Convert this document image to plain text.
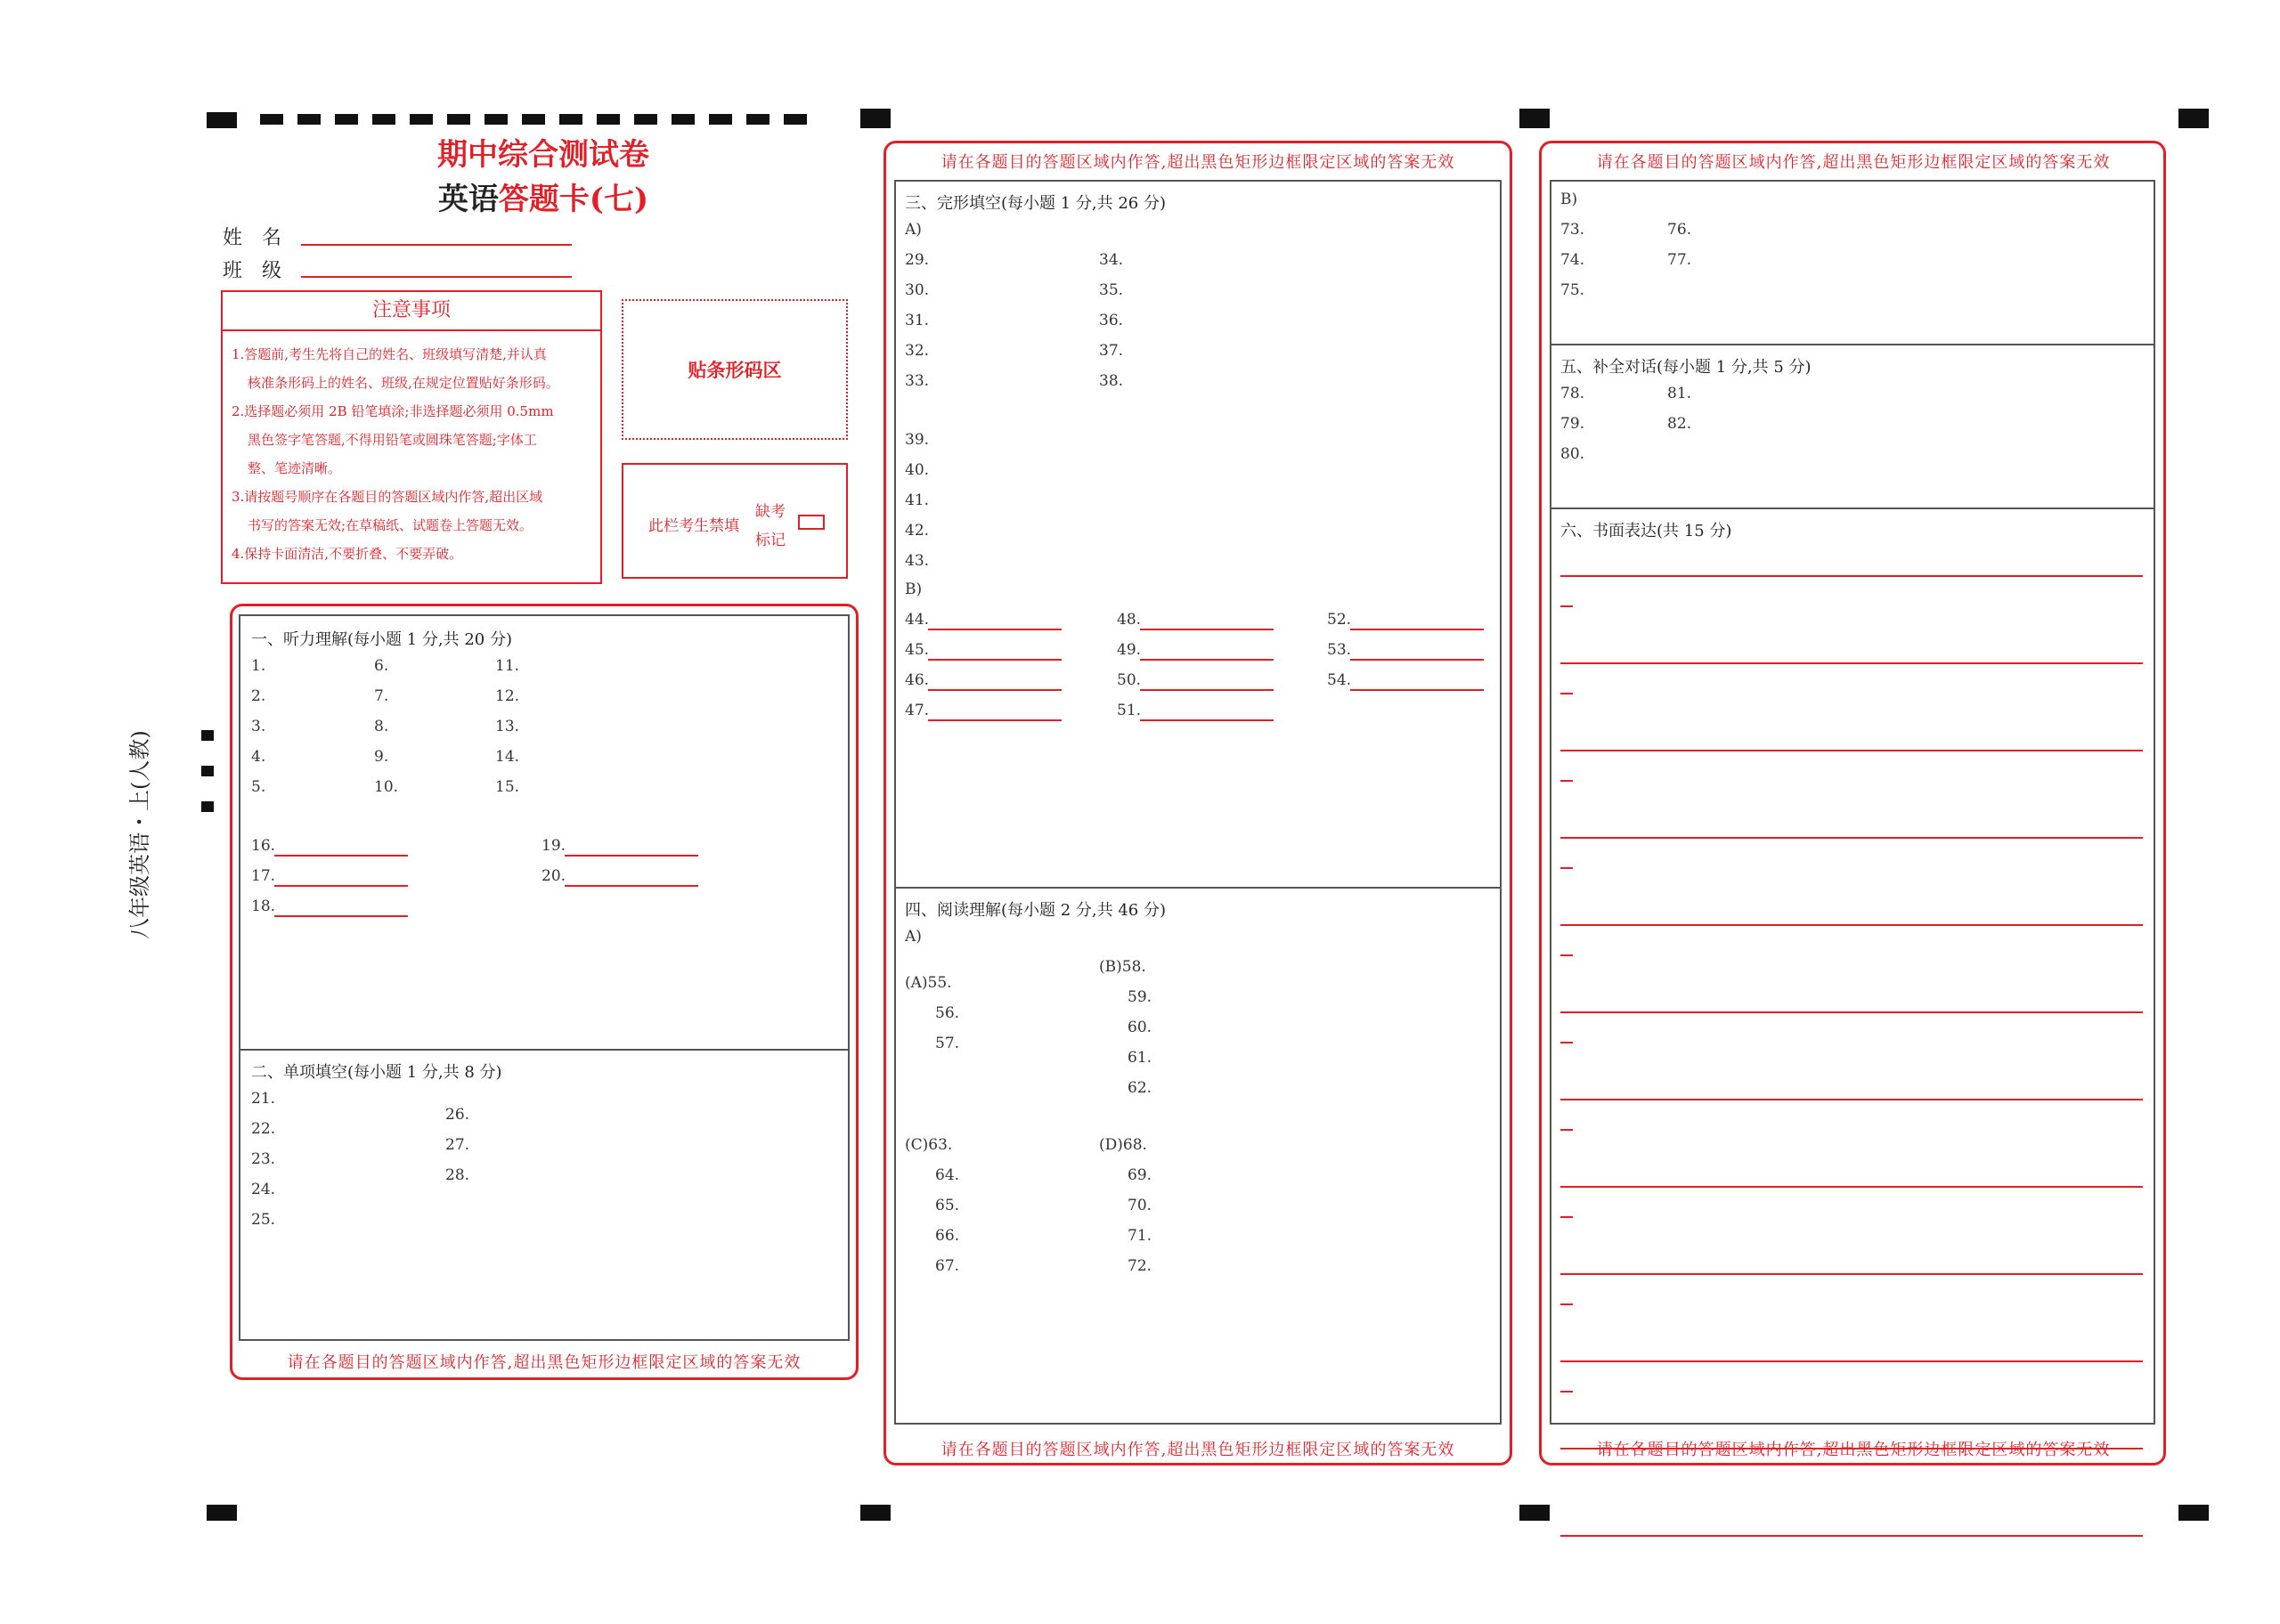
八年级英语・上(人教)
期中综合测试卷
英语答题卡(七)
姓　名
班　级
注意事项
1.答题前,考生先将自己的姓名、班级填写清楚,并认真
核准条形码上的姓名、班级,在规定位置贴好条形码。
2.选择题必须用 2B 铅笔填涂;非选择题必须用 0.5mm
黑色签字笔答题,不得用铅笔或圆珠笔答题;字体工
整、笔迹清晰。
3.请按题号顺序在各题目的答题区域内作答,超出区域
书写的答案无效;在草稿纸、试题卷上答题无效。
4.保持卡面清洁,不要折叠、不要弄破。
贴条形码区
此栏考生禁填
缺考
标记
一、听力理解(每小题 1 分,共 20 分)
1.
2.
3.
4.
5.
6.
7.
8.
9.
10.
11.
12.
13.
14.
15.
16.
17.
18.
19.
20.
二、单项填空(每小题 1 分,共 8 分)
21.
22.
23.
24.
25.
26.
27.
28.
请在各题目的答题区域内作答,超出黑色矩形边框限定区域的答案无效
请在各题目的答题区域内作答,超出黑色矩形边框限定区域的答案无效
三、完形填空(每小题 1 分,共 26 分)
A)
29.
30.
31.
32.
33.
34.
35.
36.
37.
38.
39.
40.
41.
42.
43.
B)
44.
45.
46.
47.
48.
49.
50.
51.
52.
53.
54.
四、阅读理解(每小题 2 分,共 46 分)
A)
(A)55.
56.
57.
(B)58.
59.
60.
61.
62.
(C)63.
64.
65.
66.
67.
(D)68.
69.
70.
71.
72.
请在各题目的答题区域内作答,超出黑色矩形边框限定区域的答案无效
请在各题目的答题区域内作答,超出黑色矩形边框限定区域的答案无效
B)
73.
74.
75.
76.
77.
五、补全对话(每小题 1 分,共 5 分)
78.
79.
80.
81.
82.
六、书面表达(共 15 分)
请在各题目的答题区域内作答,超出黑色矩形边框限定区域的答案无效
